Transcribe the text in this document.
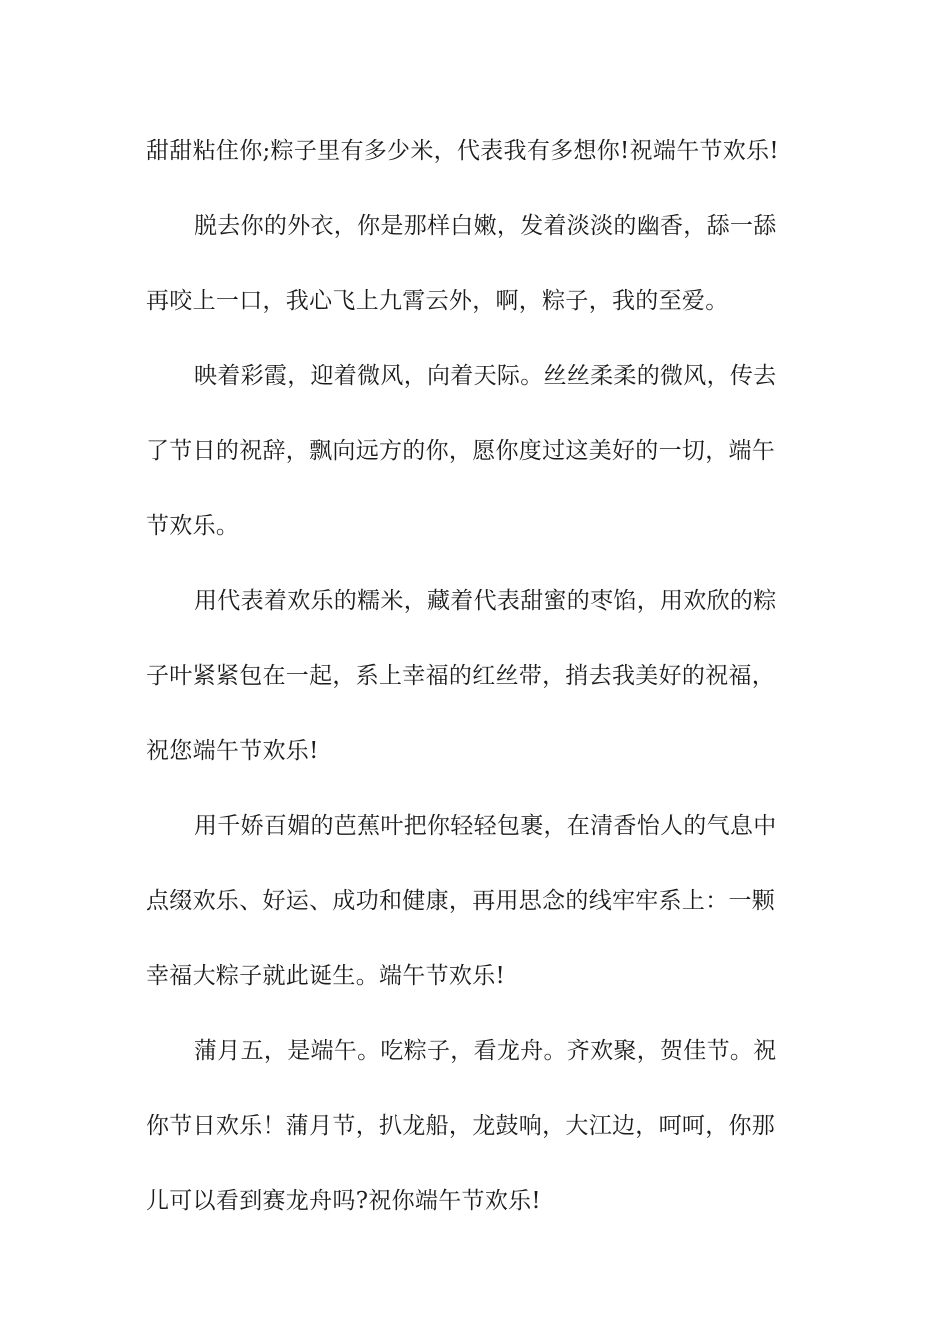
甜甜粘住你;粽子里有多少米，代表我有多想你!祝端午节欢乐!
脱去你的外衣，你是那样白嫩，发着淡淡的幽香，舔一舔
再咬上一口，我心飞上九霄云外，啊，粽子，我的至爱。
映着彩霞，迎着微风，向着天际。丝丝柔柔的微风，传去
了节日的祝辞，飘向远方的你，愿你度过这美好的一切，端午
节欢乐。
用代表着欢乐的糯米，藏着代表甜蜜的枣馅，用欢欣的粽
子叶紧紧包在一起，系上幸福的红丝带，捎去我美好的祝福，
祝您端午节欢乐!
用千娇百媚的芭蕉叶把你轻轻包裹，在清香怡人的气息中
点缀欢乐、好运、成功和健康，再用思念的线牢牢系上：一颗
幸福大粽子就此诞生。端午节欢乐!
蒲月五，是端午。吃粽子，看龙舟。齐欢聚，贺佳节。祝
你节日欢乐！蒲月节，扒龙船，龙鼓响，大江边，呵呵，你那
儿可以看到赛龙舟吗?祝你端午节欢乐!
